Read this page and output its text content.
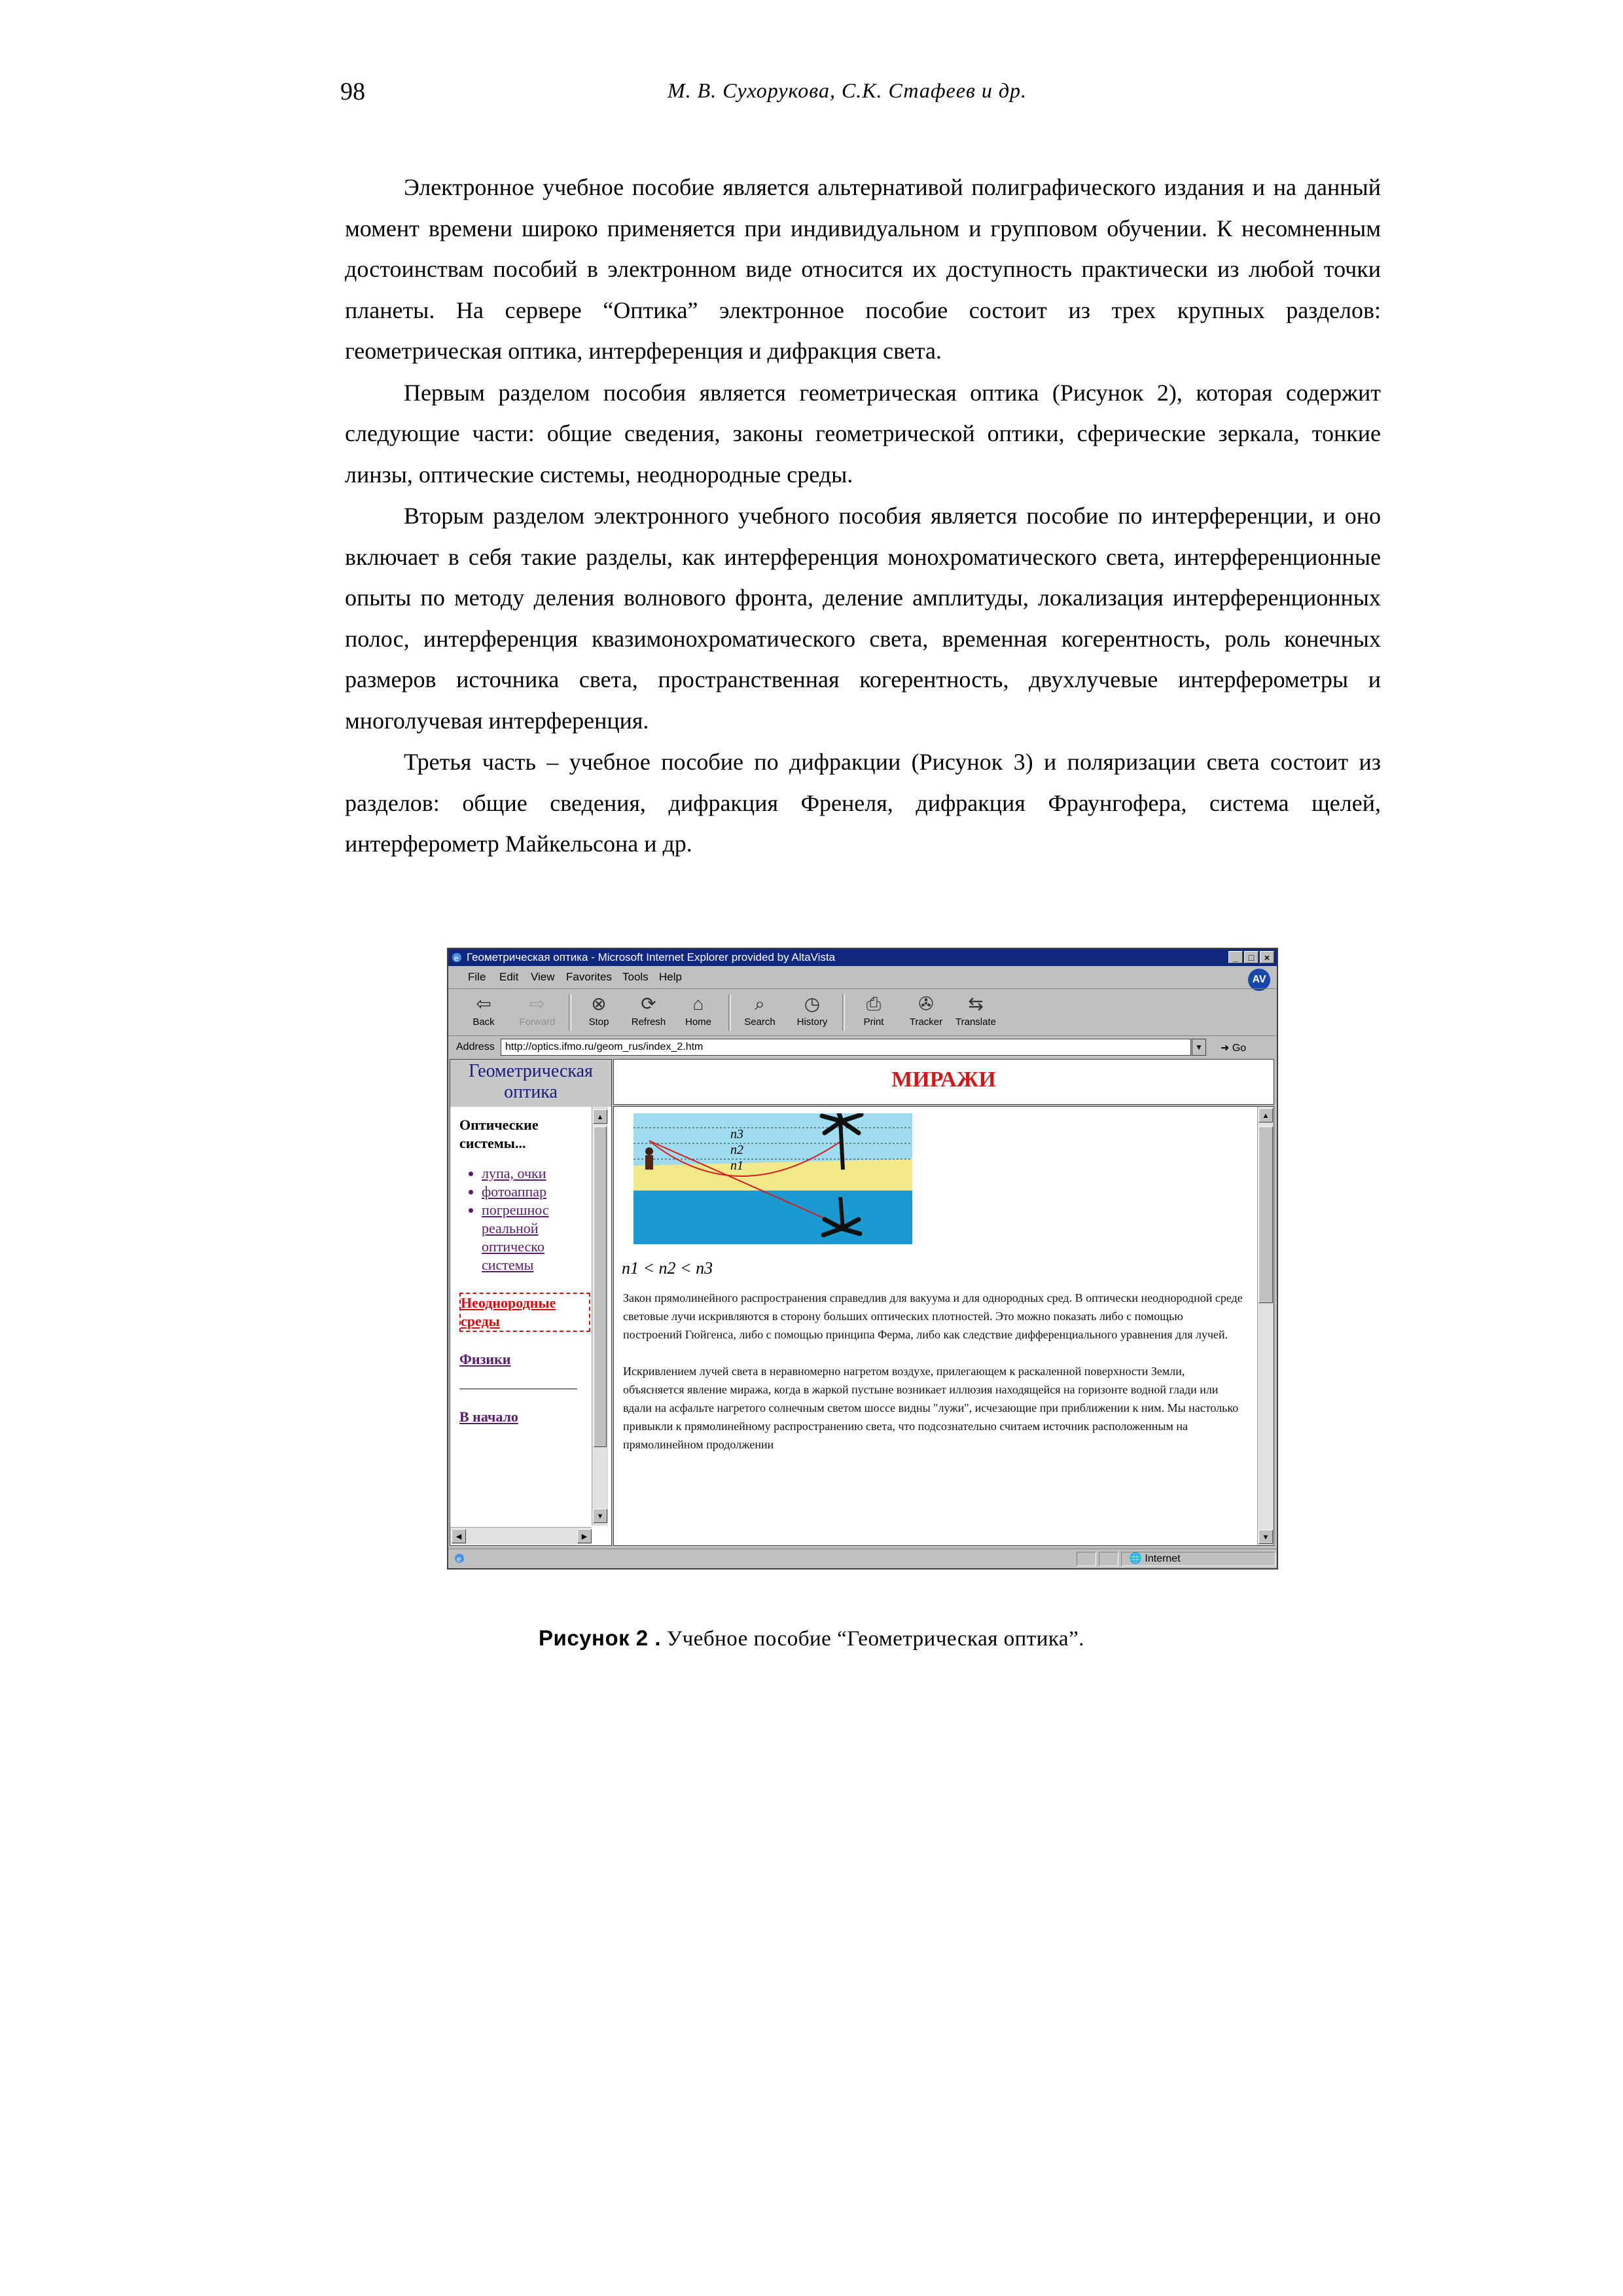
98	М. В. Сухорукова, С.К. Стафеев и др.

Электронное учебное пособие является альтернативой полиграфического издания и на данный момент времени широко применяется при индивидуальном и групповом обучении. К несомненным достоинствам пособий в электронном виде относится их доступность практически из любой точки планеты. На сервере “Оптика” электронное пособие состоит из трех крупных разделов: геометрическая оптика, интерференция и дифракция света.

Первым разделом пособия является геометрическая оптика (Рисунок 2), которая содержит следующие части: общие сведения, законы геометрической оптики, сферические зеркала, тонкие линзы, оптические системы, неоднородные среды.

Вторым разделом электронного учебного пособия является пособие по интерференции, и оно включает в себя такие разделы, как интерференция монохроматического света, интерференционные опыты по методу деления волнового фронта, деление амплитуды, локализация интерференционных полос, интерференция квазимонохроматического света, временная когерентность, роль конечных размеров источника света, пространственная когерентность, двухлучевые интерферометры и многолучевая интерференция.

Третья часть – учебное пособие по дифракции (Рисунок 3) и поляризации света состоит из разделов: общие сведения, дифракция Френеля, дифракция Фраунгофера, система щелей, интерферометр Майкельсона и др.

e Геометрическая оптика - Microsoft Internet Explorer provided by AltaVista	_	□	×
File Edit View Favorites Tools Help	AV
⇦
Back
⇨
Forward
⊗
Stop
⟳
Refresh
⌂
Home
⌕
Search
◷
History
⎙
Print
✇
Tracker
⇆
Translate
Address	http://optics.ifmo.ru/geom_rus/index_2.htm	▼	➜ Go
Геометрическая оптика
Оптические системы...
• лупа, очки
• фотоаппар
• погрешнос реальной оптическо системы
Неоднородные среды
Физики
В начало
▲
▼
◀	▶
МИРАЖИ
n3
n2
n1
n1 < n2 < n3

Закон прямолинейного распространения справедлив для вакуума и для однородных сред. В оптически неоднородной среде световые лучи искривляются в сторону больших оптических плотностей. Это можно показать либо с помощью построений Гюйгенса, либо с помощью принципа Ферма, либо как следствие дифференциального уравнения для лучей.

Искривлением лучей света в неравномерно нагретом воздухе, прилегающем к раскаленной поверхности Земли, объясняется явление миража, когда в жаркой пустыне возникает иллюзия находящейся на горизонте водной глади или вдали на асфальте нагретого солнечным светом шоссе видны "лужи", исчезающие при приближении к ним. Мы настолько привыкли к прямолинейному распространению света, что подсознательно считаем источник расположенным на прямолинейном продолжении

▲
▼
e	🌐 Internet
Рисунок 2 . Учебное пособие “Геометрическая оптика”.
